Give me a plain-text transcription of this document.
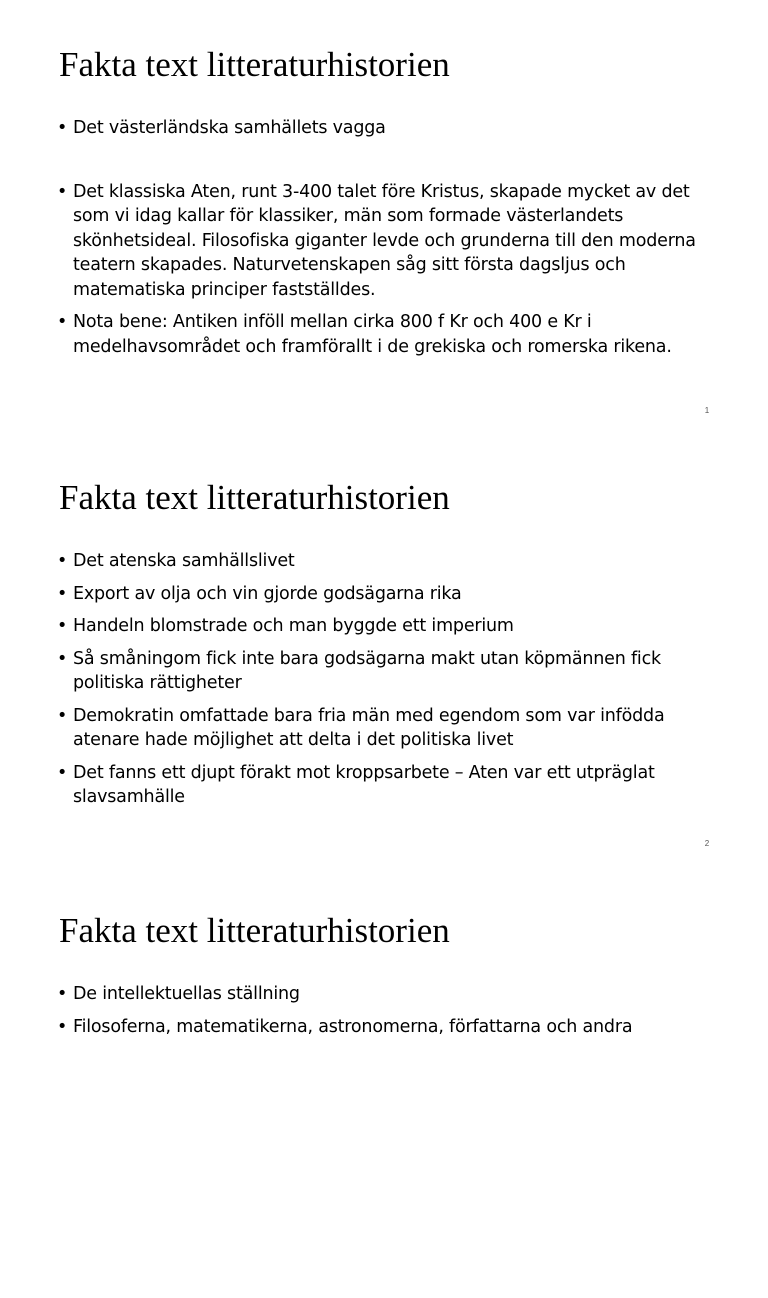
Fakta text litteraturhistorien
• Det västerländska samhällets vagga
• Det klassiska Aten, runt 3-400 talet före Kristus, skapade mycket av det som vi idag kallar för klassiker, män som formade västerlandets skönhetsideal. Filosofiska giganter levde och grunderna till den moderna teatern skapades. Naturvetenskapen såg sitt första dagsljus och matematiska principer fastställdes.
• Nota bene: Antiken inföll mellan cirka 800 f Kr och 400 e Kr i medelhavsområdet och framförallt i de grekiska och romerska rikena.
1
Fakta text litteraturhistorien
• Det atenska samhällslivet
• Export av olja och vin gjorde godsägarna rika
• Handeln blomstrade och man byggde ett imperium
• Så småningom fick inte bara godsägarna makt utan köpmännen fick politiska rättigheter
• Demokratin omfattade bara fria män med egendom som var infödda atenare hade möjlighet att delta i det politiska livet
• Det fanns ett djupt förakt mot kroppsarbete – Aten var ett utpräglat slavsamhälle
2
Fakta text litteraturhistorien
• De intellektuellas ställning
• Filosoferna, matematikerna, astronomerna, författarna och andra
